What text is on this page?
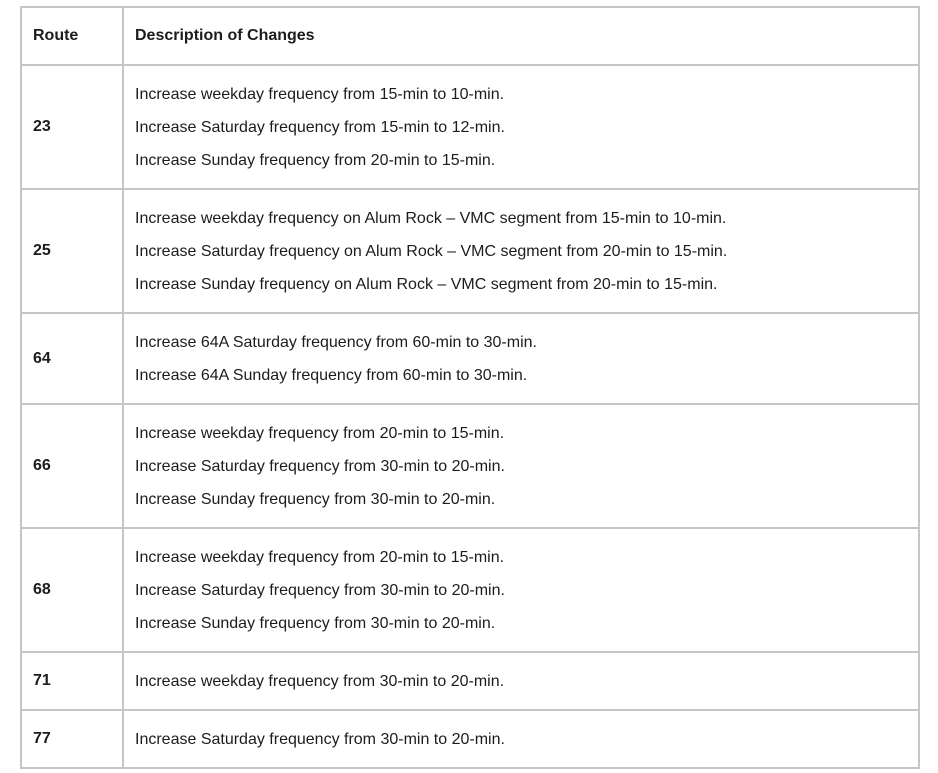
Route	Description of Changes
23	Increase weekday frequency from 15-min to 10-min.
Increase Saturday frequency from 15-min to 12-min.
Increase Sunday frequency from 20-min to 15-min.

25	Increase weekday frequency on Alum Rock – VMC segment from 15-min to 10-min.
Increase Saturday frequency on Alum Rock – VMC segment from 20-min to 15-min.
Increase Sunday frequency on Alum Rock – VMC segment from 20-min to 15-min.

64	Increase 64A Saturday frequency from 60-min to 30-min.
Increase 64A Sunday frequency from 60-min to 30-min.

66	Increase weekday frequency from 20-min to 15-min.
Increase Saturday frequency from 30-min to 20-min.
Increase Sunday frequency from 30-min to 20-min.

68	Increase weekday frequency from 20-min to 15-min.
Increase Saturday frequency from 30-min to 20-min.
Increase Sunday frequency from 30-min to 20-min.

71	Increase weekday frequency from 30-min to 20-min.

77	Increase Saturday frequency from 30-min to 20-min.
